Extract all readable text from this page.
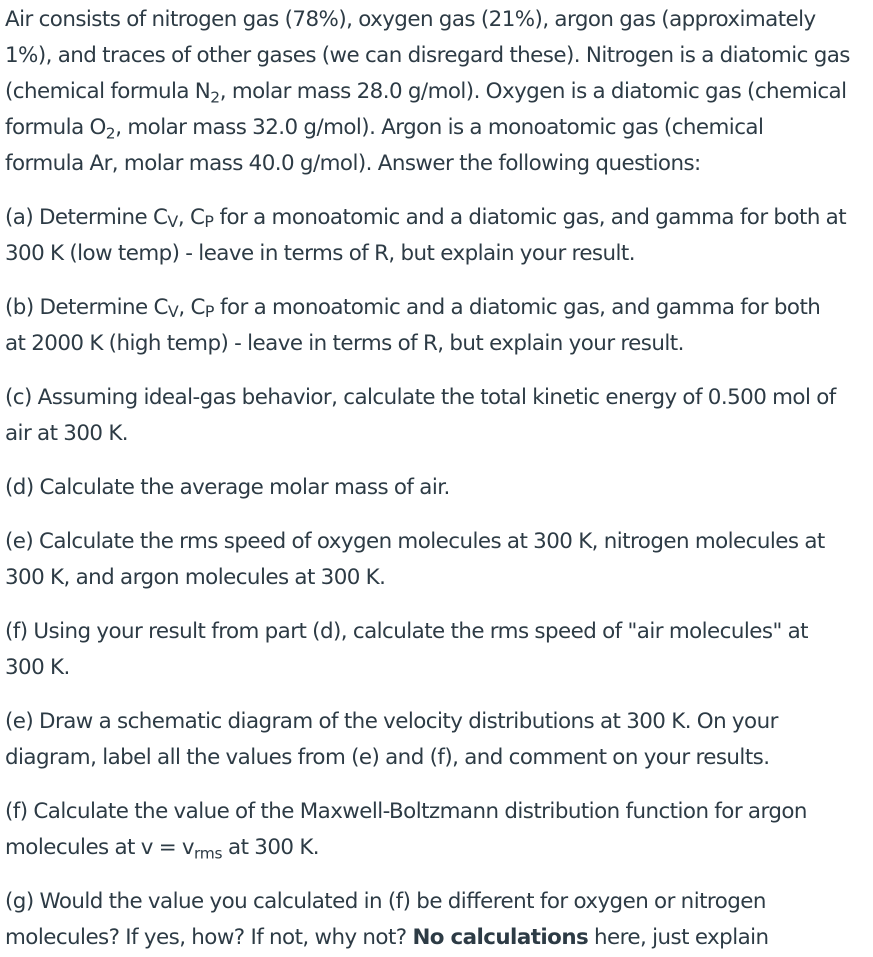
Air consists of nitrogen gas (78%), oxygen gas (21%), argon gas (approximately
1%), and traces of other gases (we can disregard these). Nitrogen is a diatomic gas
(chemical formula $N_2$, molar mass 28.0 g/mol). Oxygen is a diatomic gas (chemical
formula $O_2$, molar mass 32.0 g/mol). Argon is a monoatomic gas (chemical
formula Ar, molar mass 40.0 g/mol). Answer the following questions:
(a) Determine $C_V$, $C_P$ for a monoatomic and a diatomic gas, and gamma for both at
300 K (low temp) - leave in terms of R, but explain your result.
(b) Determine $C_V$, $C_P$ for a monoatomic and a diatomic gas, and gamma for both
at 2000 K (high temp) - leave in terms of R, but explain your result.
(c) Assuming ideal-gas behavior, calculate the total kinetic energy of 0.500 mol of
air at 300 K.
(d) Calculate the average molar mass of air.
(e) Calculate the rms speed of oxygen molecules at 300 K, nitrogen molecules at
300 K, and argon molecules at 300 K.
(f) Using your result from part (d), calculate the rms speed of "air molecules" at
300 K.
(e) Draw a schematic diagram of the velocity distributions at 300 K. On your
diagram, label all the values from (e) and (f), and comment on your results.
(f) Calculate the value of the Maxwell-Boltzmann distribution function for argon
molecules at $v = v_{rms}$ at 300 K.
(g) Would the value you calculated in (f) be different for oxygen or nitrogen
molecules? If yes, how? If not, why not? No calculations here, just explain
